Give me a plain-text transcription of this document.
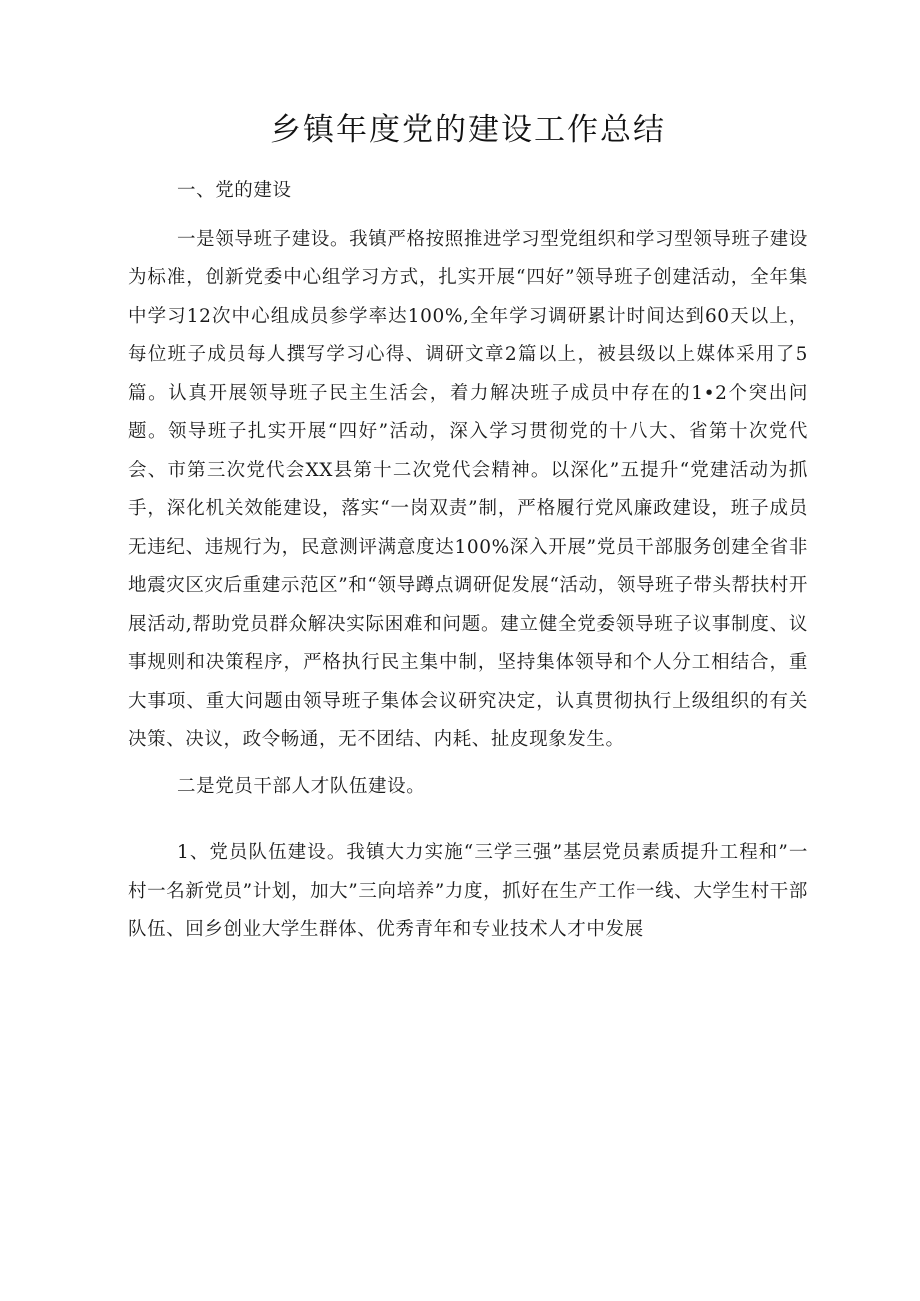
乡镇年度党的建设工作总结

一、党的建设

一是领导班子建设。我镇严格按照推进学习型党组织和学习型领导班子建设为标准，创新党委中心组学习方式，扎实开展“四好”领导班子创建活动，全年集中学习12次中心组成员参学率达100%,全年学习调研累计时间达到60天以上，每位班子成员每人撰写学习心得、调研文章2篇以上，被县级以上媒体采用了5篇。认真开展领导班子民主生活会，着力解决班子成员中存在的1•2个突出问题。领导班子扎实开展“四好”活动，深入学习贯彻党的十八大、省第十次党代会、市第三次党代会XX县第十二次党代会精神。以深化”五提升“党建活动为抓手，深化机关效能建设，落实“一岗双责”制，严格履行党风廉政建设，班子成员无违纪、违规行为，民意测评满意度达100%深入开展”党员干部服务创建全省非地震灾区灾后重建示范区”和“领导蹲点调研促发展“活动，领导班子带头帮扶村开展活动,帮助党员群众解决实际困难和问题。建立健全党委领导班子议事制度、议事规则和决策程序，严格执行民主集中制，坚持集体领导和个人分工相结合，重大事项、重大问题由领导班子集体会议研究决定，认真贯彻执行上级组织的有关决策、决议，政令畅通，无不团结、内耗、扯皮现象发生。

二是党员干部人才队伍建设。

1、党员队伍建设。我镇大力实施“三学三强”基层党员素质提升工程和”一村一名新党员”计划，加大”三向培养”力度，抓好在生产工作一线、大学生村干部队伍、回乡创业大学生群体、优秀青年和专业技术人才中发展
